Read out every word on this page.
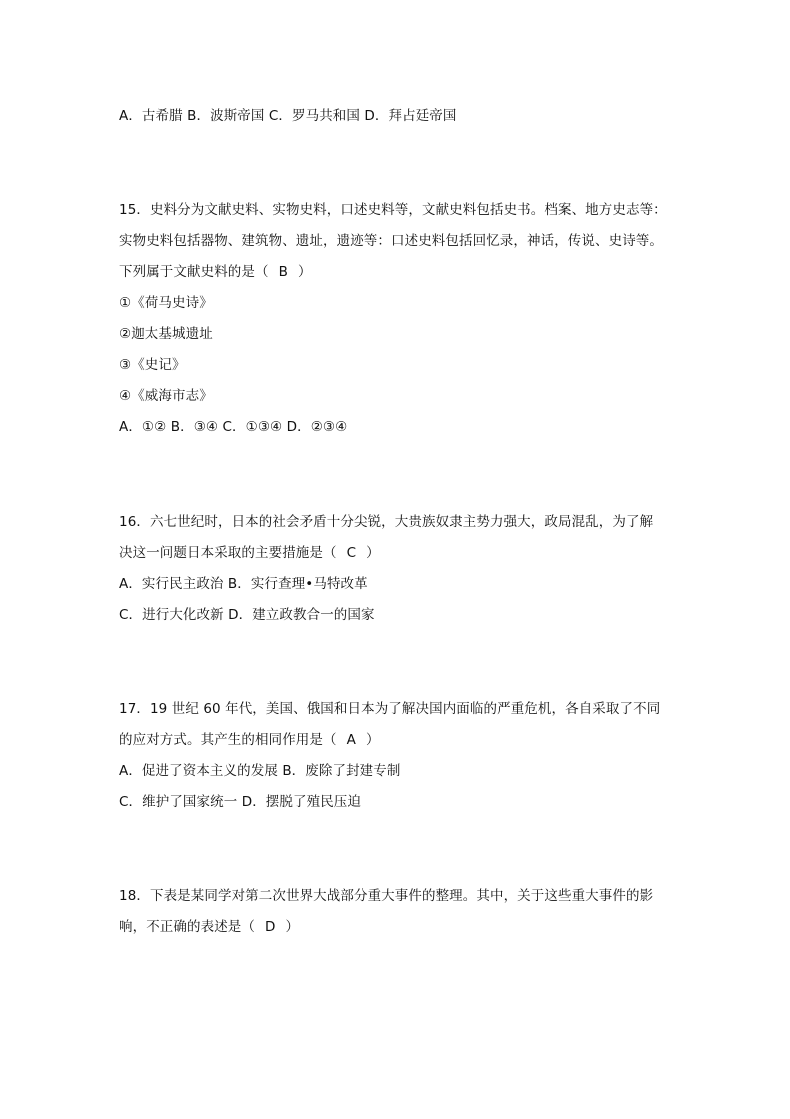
A．古希腊 B．波斯帝国 C．罗马共和国 D．拜占廷帝国
15．史料分为文献史料、实物史料，口述史料等，文献史料包括史书。档案、地方史志等：
实物史料包括器物、建筑物、遗址，遗迹等：口述史料包括回忆录，神话，传说、史诗等。
下列属于文献史料的是（ B ）
①《荷马史诗》
②迦太基城遗址
③《史记》
④《威海市志》
A．①② B．③④ C．①③④ D．②③④
16．六七世纪时，日本的社会矛盾十分尖锐，大贵族奴隶主势力强大，政局混乱，为了解
决这一问题日本采取的主要措施是（ C ）
A．实行民主政治 B．实行查理•马特改革
C．进行大化改新 D．建立政教合一的国家
17．19 世纪 60 年代，美国、俄国和日本为了解决国内面临的严重危机，各自采取了不同
的应对方式。其产生的相同作用是（ A ）
A．促进了资本主义的发展 B．废除了封建专制
C．维护了国家统一 D．摆脱了殖民压迫
18．下表是某同学对第二次世界大战部分重大事件的整理。其中，关于这些重大事件的影
响，不正确的表述是（ D ）
